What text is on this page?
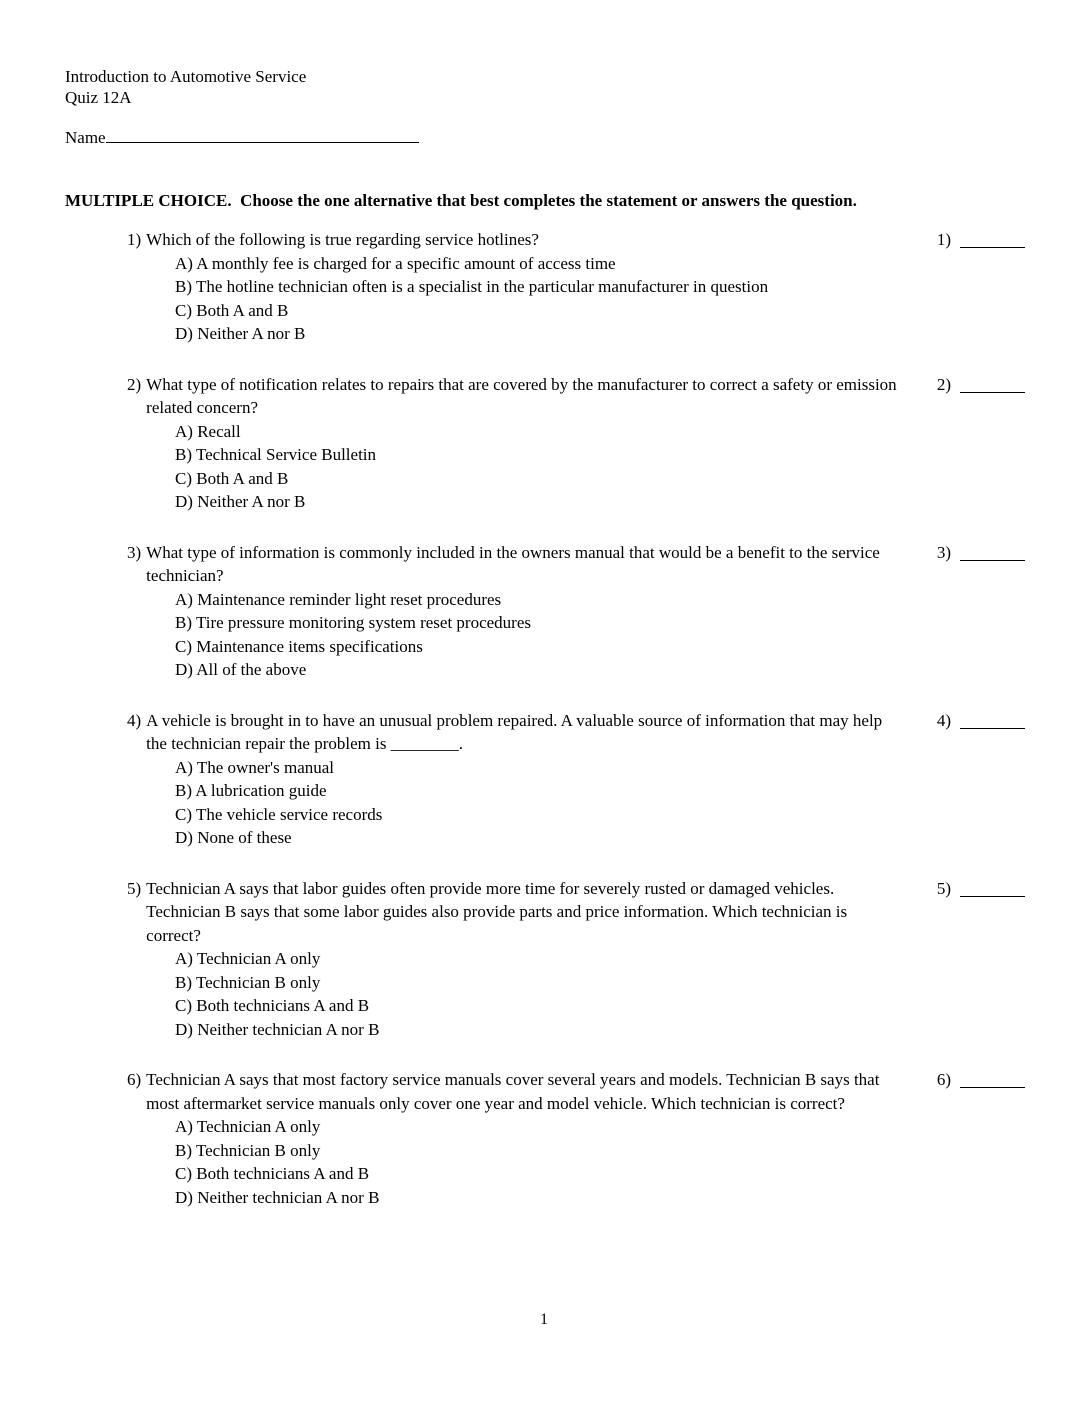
Introduction to Automotive Service
Quiz 12A
Name
MULTIPLE CHOICE.  Choose the one alternative that best completes the statement or answers the question.
1) Which of the following is true regarding service hotlines?
A) A monthly fee is charged for a specific amount of access time
B) The hotline technician often is a specialist in the particular manufacturer in question
C) Both A and B
D) Neither A nor B
1)
2) What type of notification relates to repairs that are covered by the manufacturer to correct a safety or emission related concern?
A) Recall
B) Technical Service Bulletin
C) Both A and B
D) Neither A nor B
2)
3) What type of information is commonly included in the owners manual that would be a benefit to the service technician?
A) Maintenance reminder light reset procedures
B) Tire pressure monitoring system reset procedures
C) Maintenance items specifications
D) All of the above
3)
4) A vehicle is brought in to have an unusual problem repaired. A valuable source of information that may help the technician repair the problem is ________.
A) The owner's manual
B) A lubrication guide
C) The vehicle service records
D) None of these
4)
5) Technician A says that labor guides often provide more time for severely rusted or damaged vehicles. Technician B says that some labor guides also provide parts and price information. Which technician is correct?
A) Technician A only
B) Technician B only
C) Both technicians A and B
D) Neither technician A nor B
5)
6) Technician A says that most factory service manuals cover several years and models. Technician B says that most aftermarket service manuals only cover one year and model vehicle. Which technician is correct?
A) Technician A only
B) Technician B only
C) Both technicians A and B
D) Neither technician A nor B
6)
1
